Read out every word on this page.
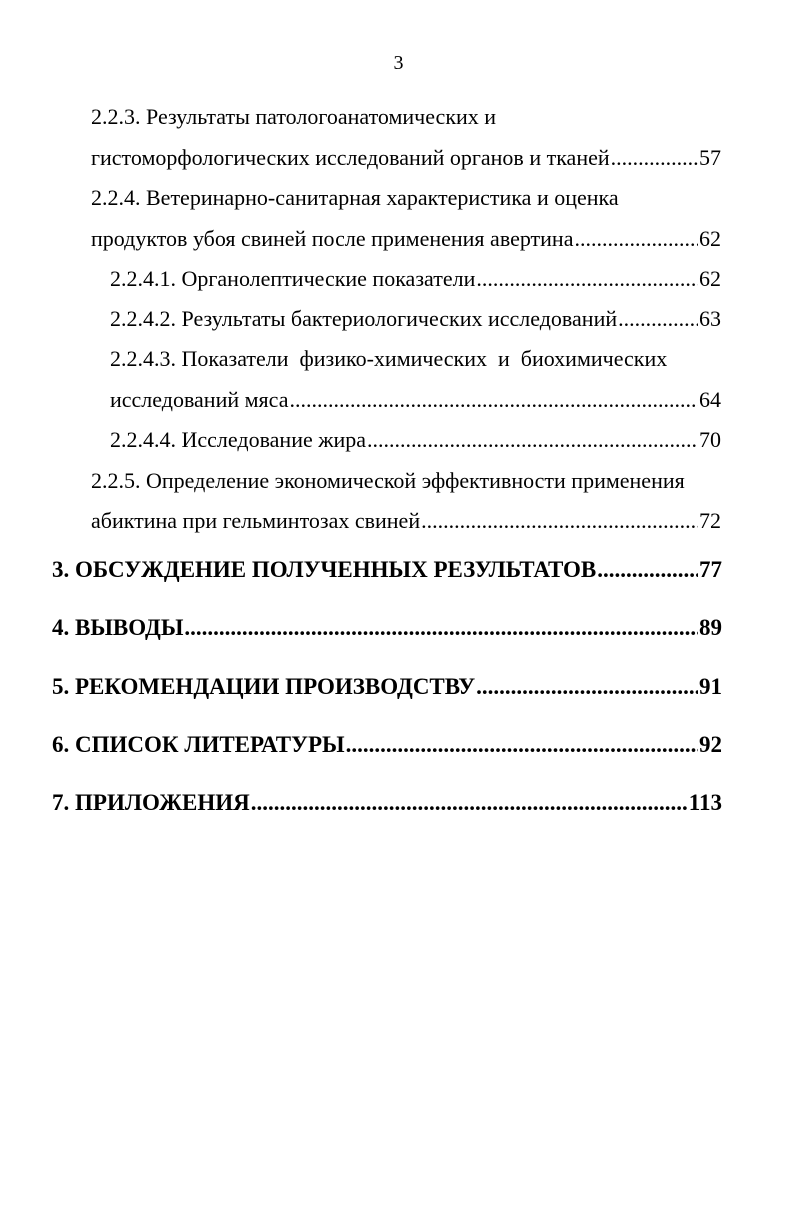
3
2.2.3. Результаты патологоанатомических и
гистоморфологических исследований органов и тканей .....	57
2.2.4. Ветеринарно-санитарная характеристика и оценка
продуктов убоя свиней после применения авертина .....	62
2.2.4.1. Органолептические показатели .....	62
2.2.4.2. Результаты бактериологических исследований .....	63
2.2.4.3. Показатели  физико-химических  и  биохимических
исследований мяса .....	64
2.2.4.4. Исследование жира .....	70
2.2.5. Определение экономической эффективности применения
абиктина при гельминтозах свиней .....	72
3. ОБСУЖДЕНИЕ ПОЛУЧЕННЫХ РЕЗУЛЬТАТОВ .....	77
4. ВЫВОДЫ .....	89
5. РЕКОМЕНДАЦИИ ПРОИЗВОДСТВУ .....	91
6. СПИСОК ЛИТЕРАТУРЫ .....	92
7. ПРИЛОЖЕНИЯ .....	113
